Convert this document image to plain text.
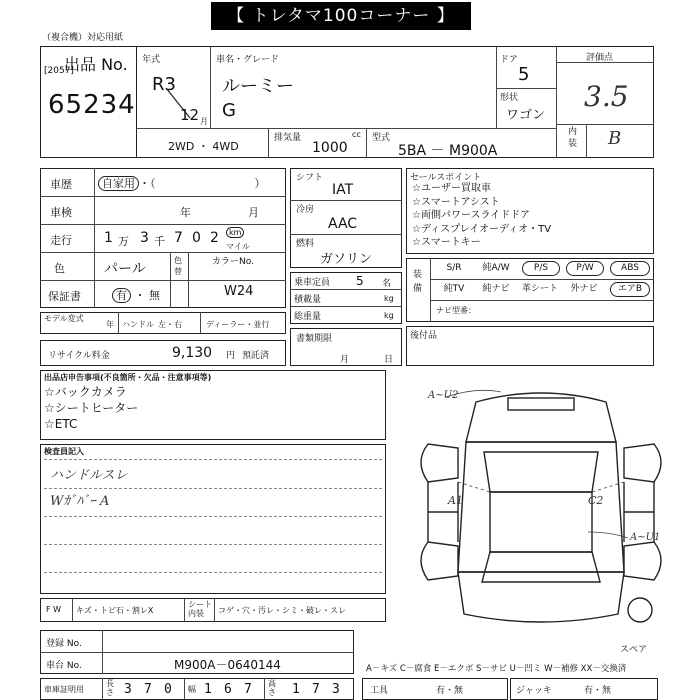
【 トレタマ100コーナー 】
（複合機）対応用紙
出品 No.
[2057]
65234
年式
R3
12 月
車名・グレード
ルーミー
G
ドア
5
形状
ワゴン
評価点
3.5
内装 B
2WD ・ 4WD
排気量	cc
1000
型式
5BA － M900A
車歴	自家用 ・（　　　　　　　　　）
車検	年	月
走行 1 万 3 千 7 0 2	km
マイル
色	パール
色替
カラーNo.
W24
保証書	有 ・ 無
モデル変式
年 ハンドル 左・右	ディーラー・並行
リサイクル料金	9,130 円 預託済
シフト
IAT
冷房
AAC
燃料
ガソリン
乗車定員 5 名
積載量	kg
総重量	kg
書類期限
月	日
セールスポイント
☆ユーザー買取車
☆スマートアシスト
☆両側パワースライドドア
☆ディスプレイオーディオ・TV
☆スマートキー
装備
S/R	純A/W	P/S	P/W	ABS
純TV	純ナビ	革シート	外ナビ	エアB
ナビ型番：
後付品
出品店申告事項(不良箇所・欠品・注意事項等)
☆バックカメラ
☆シートヒーター
☆ETC
検査員記入
ハンドルスレ
Wｶﾞﾊﾞｰ A
A~U2
A1	C2
A~U1
スペア
F W キズ・トビ石・割レX
シート内装	コゲ・穴・汚レ・シミ・破レ・スレ
登録 No.
車台 No.	M900A－0640144
車庫証明用
長さ 3 7 0 幅 1 6 7 高さ 1 7 3
A－キズ C－腐食 E－エクボ S－サビ U－凹ミ W－補修 XX－交換済
工具	有・無	ジャッキ	有・無
